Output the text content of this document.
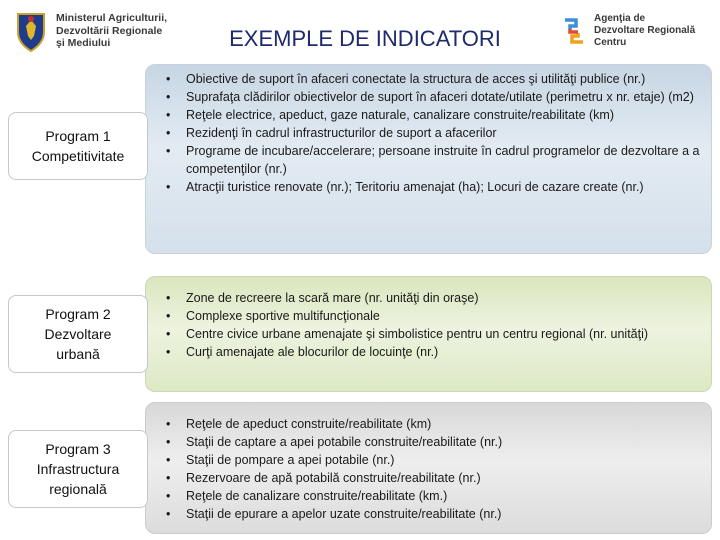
Ministerul Agriculturii,
Dezvoltării Regionale
şi Mediului	EXEMPLE DE INDICATORI
Agenţia de
Dezvoltare Regională
Centru
Program 1
Competitivitate
• Obiective de suport în afaceri conectate la structura de acces şi utilităţi publice (nr.)
• Suprafaţa clădirilor obiectivelor de suport în afaceri dotate/utilate (perimetru x nr. etaje) (m2)
• Reţele electrice, apeduct, gaze naturale, canalizare construite/reabilitate (km)
• Rezidenţi în cadrul infrastructurilor de suport a afacerilor
• Programe de incubare/accelerare; persoane instruite în cadrul programelor de dezvoltare a a competenţilor (nr.)
• Atracţii turistice renovate (nr.); Teritoriu amenajat (ha); Locuri de cazare create (nr.)
Program 2
Dezvoltare
urbană
• Zone de recreere la scară mare (nr. unităţi din oraşe)
• Complexe sportive multifuncţionale
• Centre civice urbane amenajate şi simbolistice pentru un centru regional (nr. unităţi)
• Curţi amenajate ale blocurilor de locuinţe (nr.)
Program 3
Infrastructura
regională
• Reţele de apeduct construite/reabilitate (km)
• Staţii de captare a apei potabile construite/reabilitate (nr.)
• Staţii de pompare a apei potabile (nr.)
• Rezervoare de apă potabilă construite/reabilitate (nr.)
• Reţele de canalizare construite/reabilitate (km.)
• Staţii de epurare a apelor uzate construite/reabilitate (nr.)
